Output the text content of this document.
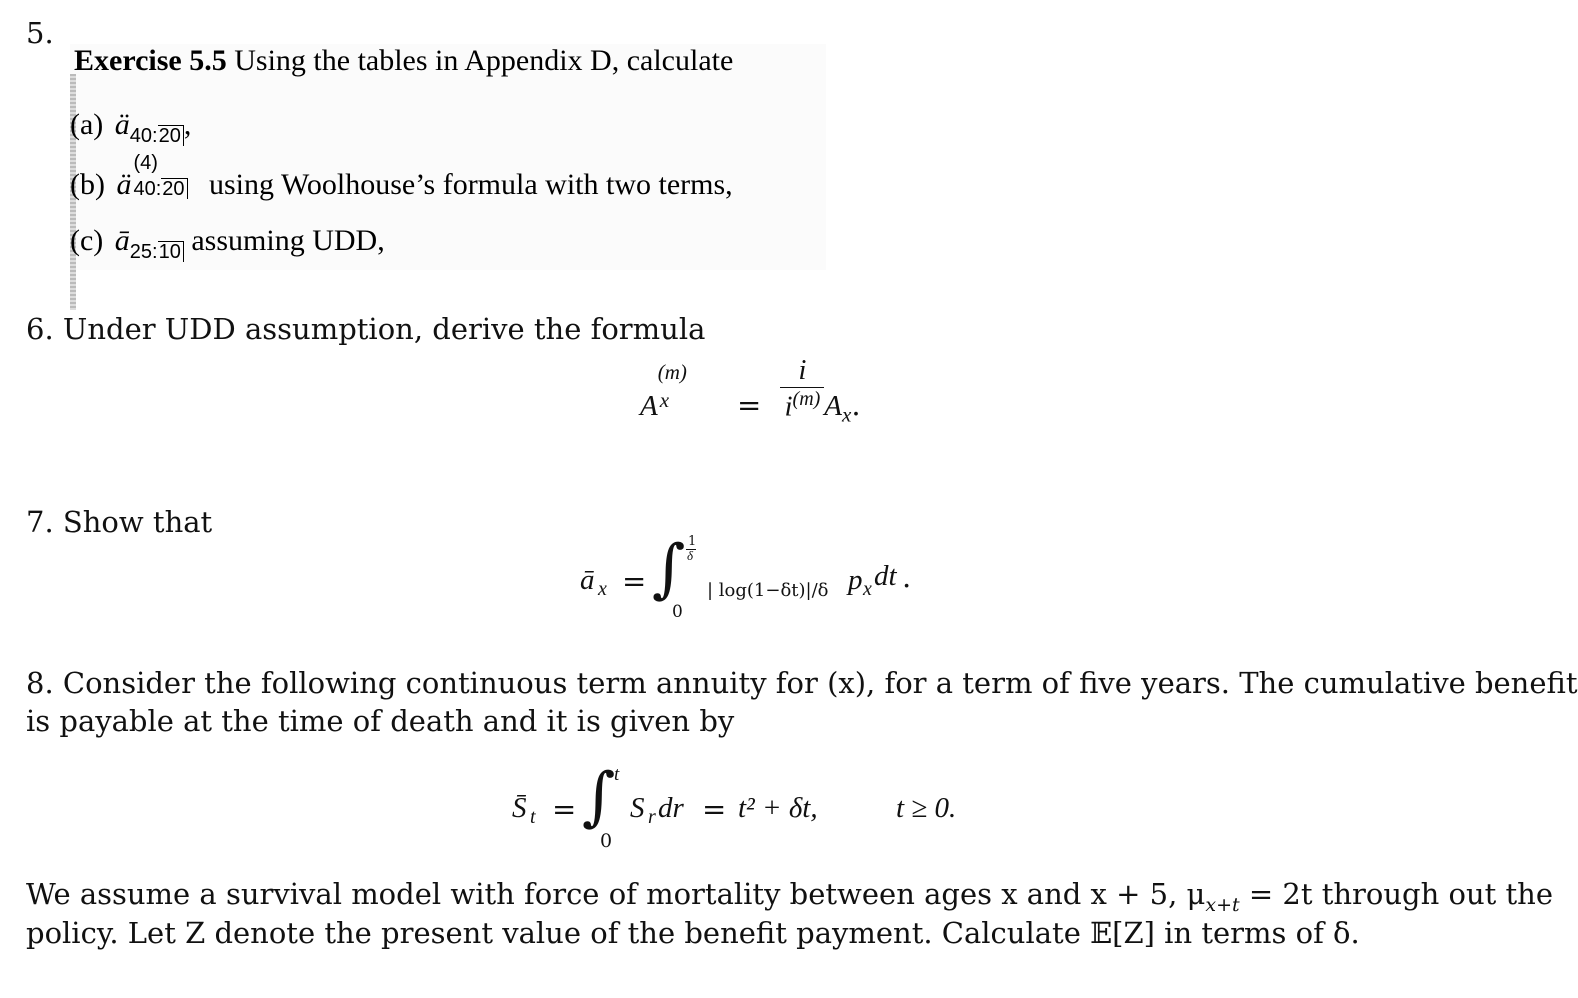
5.
Exercise 5.5 Using the tables in Appendix D, calculate
(a) $ä_{40:20}$ ,
(b) ä
(4)
40:20 using Woolhouse’s formula with two terms,
(c) $ā_{25:10}$ assuming UDD,
6. Under UDD assumption, derive the formula
A
(m)
$x = \frac{i}{i^{(m)}} A_x$.
7. Show that
ā x = ∫ 1
δ
0
| log(1−δt)|/δ p x dt .
8. Consider the following continuous term annuity for (x), for a term of five years. The cumulative benefit
is payable at the time of death and it is given by
S̄ t = ∫
t
0
S r dr = t² + δt,	t ≥ 0.
We assume a survival model with force of mortality between ages x and x + 5, $\mu_{x+t} = 2t$ through out the
policy. Let Z denote the present value of the benefit payment. Calculate 𝔼[Z] in terms of δ.
